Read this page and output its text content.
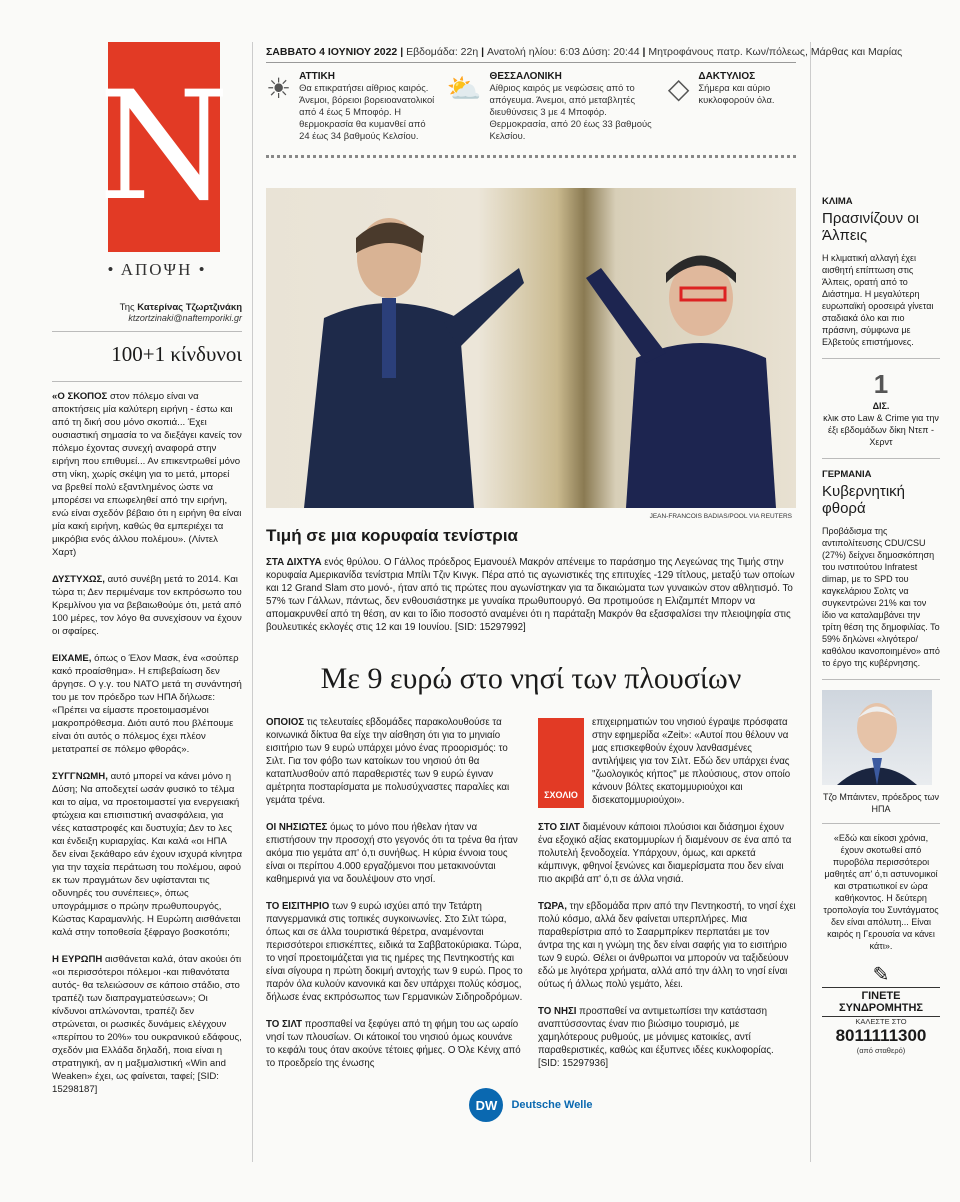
N
• ΑΠΟΨΗ •
Της Κατερίνας Τζωρτζινάκη
ktzortzinaki@naftemporiki.gr
100+1 κίνδυνοι

«Ο ΣΚΟΠΟΣ στον πόλεμο είναι να αποκτήσεις μία καλύτερη ειρήνη - έστω και από τη δική σου μόνο σκοπιά... Έχει ουσιαστική σημασία το να διεξάγει κανείς τον πόλεμο έχοντας συνεχή αναφορά στην ειρήνη που επιθυμεί... Αν επικεντρωθεί μόνο στη νίκη, χωρίς σκέψη για το μετά, μπορεί να βρεθεί πολύ εξαντλημένος ώστε να μπορέσει να επωφεληθεί από την ειρήνη, ενώ είναι σχεδόν βέβαιο ότι η ειρήνη θα είναι μία κακή ειρήνη, καθώς θα εμπεριέχει τα μικρόβια ενός άλλου πολέμου». (Λίντελ Χαρτ)

ΔΥΣΤΥΧΩΣ, αυτό συνέβη μετά το 2014. Και τώρα τι; Δεν περιμέναμε τον εκπρόσωπο του Κρεμλίνου για να βεβαιωθούμε ότι, μετά από 100 μέρες, τον λόγο θα συνεχίσουν να έχουν οι σφαίρες.

ΕΙΧΑΜΕ, όπως ο Έλον Μασκ, ένα «σούπερ κακό προαίσθημα». Η επιβεβαίωση δεν άργησε. Ο γ.γ. του ΝΑΤΟ μετά τη συνάντησή του με τον πρόεδρο των ΗΠΑ δήλωσε: «Πρέπει να είμαστε προετοιμασμένοι μακροπρόθεσμα. Διότι αυτό που βλέπουμε είναι ότι αυτός ο πόλεμος έχει πλέον μετατραπεί σε πόλεμο φθοράς».

ΣΥΓΓΝΩΜΗ, αυτό μπορεί να κάνει μόνο η Δύση; Να αποδεχτεί ωσάν φυσικό το τέλμα και το αίμα, να προετοιμαστεί για ενεργειακή φτώχεια και επισιτιστική ανασφάλεια, για νέες καταστροφές και δυστυχία; Δεν το λες και ένδειξη κυριαρχίας. Και καλά «οι ΗΠΑ δεν είναι ξεκάθαρο εάν έχουν ισχυρά κίνητρα για την ταχεία περάτωση του πολέμου, αφού εκ των πραγμάτων δεν υφίστανται τις οδυνηρές του συνέπειες», όπως υπογράμμισε ο πρώην πρωθυπουργός, Κώστας Καραμανλής. Η Ευρώπη αισθάνεται καλά στην τοποθεσία ξέφραγο βοσκοτόπι;

Η ΕΥΡΩΠΗ αισθάνεται καλά, όταν ακούει ότι «οι περισσότεροι πόλεμοι -και πιθανότατα αυτός- θα τελειώσουν σε κάποιο στάδιο, στο τραπέζι των διαπραγματεύσεων»; Οι κίνδυνοι απλώνονται, τραπέζι δεν στρώνεται, οι ρωσικές δυνάμεις ελέγχουν «περίπου το 20%» του ουκρανικού εδάφους, σχεδόν μια Ελλάδα δηλαδή, ποια είναι η στρατηγική, αν η μαξιμαλιστική «Win and Weaken» έχει, ως φαίνεται, ταφεί; [SID: 15298187]

ΣΑΒΒΑΤΟ 4 ΙΟΥΝΙΟΥ 2022 | Εβδομάδα: 22η | Ανατολή ηλίου: 6:03 Δύση: 20:44 | Μητροφάνους πατρ. Κων/πόλεως, Μάρθας και Μαρίας
☀ ΑΤΤΙΚΗ
Θα επικρατήσει αίθριος καιρός. Άνεμοι, βόρειοι βορειοανατολικοί από 4 έως 5 Μποφόρ. Η θερμοκρασία θα κυμανθεί από 24 έως 34 βαθμούς Κελσίου.
⛅ ΘΕΣΣΑΛΟΝΙΚΗ
Αίθριος καιρός με νεφώσεις από το απόγευμα. Άνεμοι, από μεταβλητές διευθύνσεις 3 με 4 Μποφόρ. Θερμοκρασία, από 20 έως 33 βαθμούς Κελσίου.
◇ ΔΑΚΤΥΛΙΟΣ
Σήμερα και αύριο κυκλοφορούν όλα.
JEAN-FRANCOIS BADIAS/POOL VIA REUTERS
Τιμή σε μια κορυφαία τενίστρια
ΣΤΑ ΔΙΧΤΥΑ ενός θρύλου. Ο Γάλλος πρόεδρος Εμανουέλ Μακρόν απένειμε το παράσημο της Λεγεώνας της Τιμής στην κορυφαία Αμερικανίδα τενίστρια Μπίλι Τζιν Κινγκ. Πέρα από τις αγωνιστικές της επιτυχίες -129 τίτλους, μεταξύ των οποίων και 12 Grand Slam στο μονό-, ήταν από τις πρώτες που αγωνίστηκαν για τα δικαιώματα των γυναικών στον αθλητισμό. Το 57% των Γάλλων, πάντως, δεν ενθουσιάστηκε με γυναίκα πρωθυπουργό. Θα προτιμούσε η Ελιζαμπέτ Μπορν να απομακρυνθεί από τη θέση, αν και το ίδιο ποσοστό αναμένει ότι η παράταξη Μακρόν θα εξασφαλίσει την πλειοψηφία στις βουλευτικές εκλογές στις 12 και 19 Ιουνίου. [SID: 15297992]
Με 9 ευρώ στο νησί των πλουσίων

ΟΠΟΙΟΣ τις τελευταίες εβδομάδες παρακολουθούσε τα κοινωνικά δίκτυα θα είχε την αίσθηση ότι για το μηνιαίο εισιτήριο των 9 ευρώ υπάρχει μόνο ένας προορισμός: το Σιλτ. Για τον φόβο των κατοίκων του νησιού ότι θα καταπλυσθούν από παραθεριστές των 9 ευρώ έγιναν αμέτρητα ποσταρίσματα με πολυσύχναστες παραλίες και γεμάτα τρένα.

ΟΙ ΝΗΣΙΩΤΕΣ όμως το μόνο που ήθελαν ήταν να επιστήσουν την προσοχή στο γεγονός ότι τα τρένα θα ήταν ακόμα πιο γεμάτα απ' ό,τι συνήθως. Η κύρια έννοια τους είναι οι περίπου 4.000 εργαζόμενοι που μετακινούνται καθημερινά για να δουλέψουν στο νησί.

ΤΟ ΕΙΣΙΤΗΡΙΟ των 9 ευρώ ισχύει από την Τετάρτη πανγερμανικά στις τοπικές συγκοινωνίες. Στο Σιλτ τώρα, όπως και σε άλλα τουριστικά θέρετρα, αναμένονται περισσότεροι επισκέπτες, ειδικά τα Σαββατοκύριακα. Τώρα, το νησί προετοιμάζεται για τις ημέρες της Πεντηκοστής και είναι σίγουρα η πρώτη δοκιμή αντοχής των 9 ευρώ. Προς το παρόν όλα κυλούν κανονικά και δεν υπάρχει πολύς κόσμος, δήλωσε ένας εκπρόσωπος των Γερμανικών Σιδηροδρόμων.

ΤΟ ΣΙΛΤ προσπαθεί να ξεφύγει από τη φήμη του ως ωραίο νησί των πλουσίων. Οι κάτοικοί του νησιού όμως κουνάνε το κεφάλι τους όταν ακούνε τέτοιες φήμες. Ο Όλε Κένιχ από το προεδρείο της ένωσης

ΣΧΟΛΙΟ

επιχειρηματιών του νησιού έγραψε πρόσφατα στην εφημερίδα «Zeit»: «Αυτοί που θέλουν να μας επισκεφθούν έχουν λανθασμένες αντιλήψεις για τον Σιλτ. Εδώ δεν υπάρχει ένας "ζωολογικός κήπος" με πλούσιους, στον οποίο κάνουν βόλτες εκατομμυριούχοι και δισεκατομμυριούχοι».

ΣΤΟ ΣΙΛΤ διαμένουν κάποιοι πλούσιοι και διάσημοι έχουν ένα εξοχικό αξίας εκατομμυρίων ή διαμένουν σε ένα από τα πολυτελή ξενοδοχεία. Υπάρχουν, όμως, και αρκετά κάμπινγκ, φθηνοί ξενώνες και διαμερίσματα που δεν είναι πιο ακριβά απ' ό,τι σε άλλα νησιά.

ΤΩΡΑ, την εβδομάδα πριν από την Πεντηκοστή, το νησί έχει πολύ κόσμο, αλλά δεν φαίνεται υπερπλήρες. Μια παραθερίστρια από το Σααρμπρίκεν περπατάει με τον άντρα της και η γνώμη της δεν είναι σαφής για το εισιτήριο των 9 ευρώ. Θέλει οι άνθρωποι να μπορούν να ταξιδεύουν εδώ με λιγότερα χρήματα, αλλά από την άλλη το νησί είναι ούτως ή άλλως πολύ γεμάτο, λέει.

ΤΟ ΝΗΣΙ προσπαθεί να αντιμετωπίσει την κατάσταση αναπτύσσοντας έναν πιο βιώσιμο τουρισμό, με χαμηλότερους ρυθμούς, με μόνιμες κατοικίες, αντί παραθεριστικές, καθώς και έξυπνες ιδέες κυκλοφορίας. [SID: 15297936]

DW	Deutsche Welle
ΚΛΙΜΑ
Πρασινίζουν οι Άλπεις
Η κλιματική αλλαγή έχει αισθητή επίπτωση στις Άλπεις, ορατή από το Διάστημα. Η μεγαλύτερη ευρωπαϊκή οροσειρά γίνεται σταδιακά όλο και πιο πράσινη, σύμφωνα με Ελβετούς επιστήμονες.
1
ΔΙΣ.
κλικ στο Law & Crime για την έξι εβδομάδων δίκη Ντεπ - Χερντ
ΓΕΡΜΑΝΙΑ
Κυβερνητική φθορά
Προβάδισμα της αντιπολίτευσης CDU/CSU (27%) δείχνει δημοσκόπηση του ινστιτούτου Infratest dimap, με το SPD του καγκελάριου Σολτς να συγκεντρώνει 21% και τον ίδιο να καταλαμβάνει την τρίτη θέση της δημοφιλίας. Το 59% δηλώνει «λιγότερο/καθόλου ικανοποιημένο» από το έργο της κυβέρνησης.
Τζο Μπάιντεν, πρόεδρος των ΗΠΑ
«Εδώ και είκοσι χρόνια, έχουν σκοτωθεί από πυροβόλα περισσότεροι μαθητές απ' ό,τι αστυνομικοί και στρατιωτικοί εν ώρα καθήκοντος. Η δεύτερη τροπολογία του Συντάγματος δεν είναι απόλυτη... Είναι καιρός η Γερουσία να κάνει κάτι».
✎
ΓΙΝΕΤΕ ΣΥΝΔΡΟΜΗΤΗΣ
ΚΑΛΕΣΤΕ ΣΤΟ
8011111300
(από σταθερό)
